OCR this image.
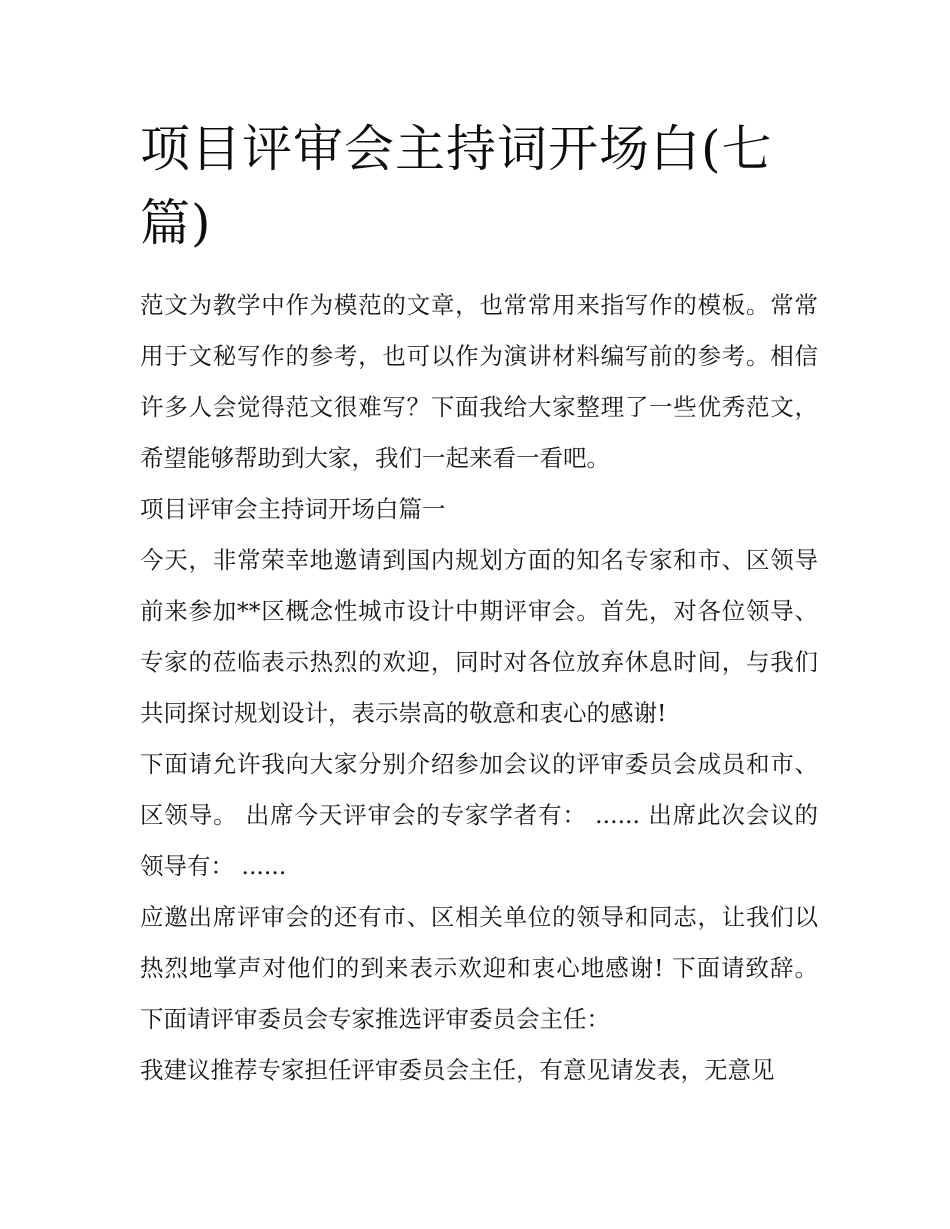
项目评审会主持词开场白(七篇)

范文为教学中作为模范的文章，也常常用来指写作的模板。常常用于文秘写作的参考，也可以作为演讲材料编写前的参考。相信许多人会觉得范文很难写？下面我给大家整理了一些优秀范文，希望能够帮助到大家，我们一起来看一看吧。

项目评审会主持词开场白篇一

今天，非常荣幸地邀请到国内规划方面的知名专家和市、区领导前来参加**区概念性城市设计中期评审会。首先，对各位领导、专家的莅临表示热烈的欢迎，同时对各位放弃休息时间，与我们共同探讨规划设计，表示崇高的敬意和衷心的感谢!

下面请允许我向大家分别介绍参加会议的评审委员会成员和市、区领导。 出席今天评审会的专家学者有： ...... 出席此次会议的领导有： ......

应邀出席评审会的还有市、区相关单位的领导和同志，让我们以热烈地掌声对他们的到来表示欢迎和衷心地感谢! 下面请致辞。 下面请评审委员会专家推选评审委员会主任：

我建议推荐专家担任评审委员会主任，有意见请发表，无意见
